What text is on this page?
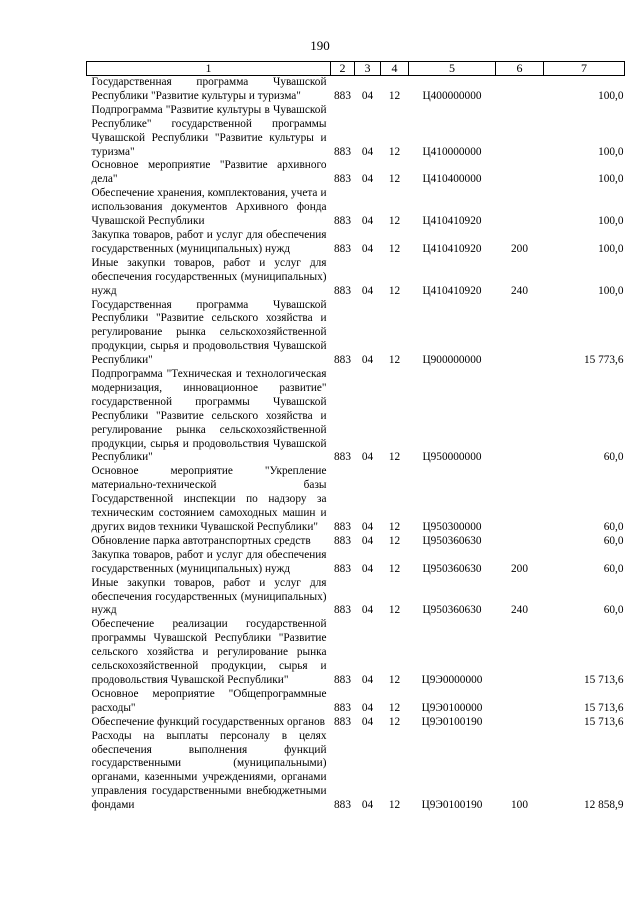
190
1	2	3	4	5	6	7
Государственная программа Чувашской Республики "Развитие культуры и туризма"	883	04	12	Ц400000000		100,0
Подпрограмма "Развитие культуры в Чувашской Республике" государственной программы Чувашской Республики "Развитие культуры и туризма"	883	04	12	Ц410000000		100,0
Основное мероприятие "Развитие архивного дела"	883	04	12	Ц410400000		100,0
Обеспечение хранения, комплектования, учета и использования документов Архивного фонда Чувашской Республики	883	04	12	Ц410410920		100,0
Закупка товаров, работ и услуг для обеспечения государственных (муниципальных) нужд	883	04	12	Ц410410920	200	100,0
Иные закупки товаров, работ и услуг для обеспечения государственных (муниципальных) нужд	883	04	12	Ц410410920	240	100,0
Государственная программа Чувашской Республики "Развитие сельского хозяйства и регулирование рынка сельскохозяйственной продукции, сырья и продовольствия Чувашской Республики"	883	04	12	Ц900000000		15 773,6
Подпрограмма "Техническая и технологическая модернизация, инновационное развитие" государственной программы Чувашской Республики "Развитие сельского хозяйства и регулирование рынка сельскохозяйственной продукции, сырья и продовольствия Чувашской Республики"	883	04	12	Ц950000000		60,0
Основное мероприятие "Укрепление материально-технической базы Государственной инспекции по надзору за техническим состоянием самоходных машин и других видов техники Чувашской Республики"	883	04	12	Ц950300000		60,0
Обновление парка автотранспортных средств	883	04	12	Ц950360630		60,0
Закупка товаров, работ и услуг для обеспечения государственных (муниципальных) нужд	883	04	12	Ц950360630	200	60,0
Иные закупки товаров, работ и услуг для обеспечения государственных (муниципальных) нужд	883	04	12	Ц950360630	240	60,0
Обеспечение реализации государственной программы Чувашской Республики "Развитие сельского хозяйства и регулирование рынка сельскохозяйственной продукции, сырья и продовольствия Чувашской Республики"	883	04	12	Ц9Э0000000		15 713,6
Основное мероприятие "Общепрограммные расходы"	883	04	12	Ц9Э0100000		15 713,6
Обеспечение функций государственных органов	883	04	12	Ц9Э0100190		15 713,6
Расходы на выплаты персоналу в целях обеспечения выполнения функций государственными (муниципальными) органами, казенными учреждениями, органами управления государственными внебюджетными фондами	883	04	12	Ц9Э0100190	100	12 858,9
